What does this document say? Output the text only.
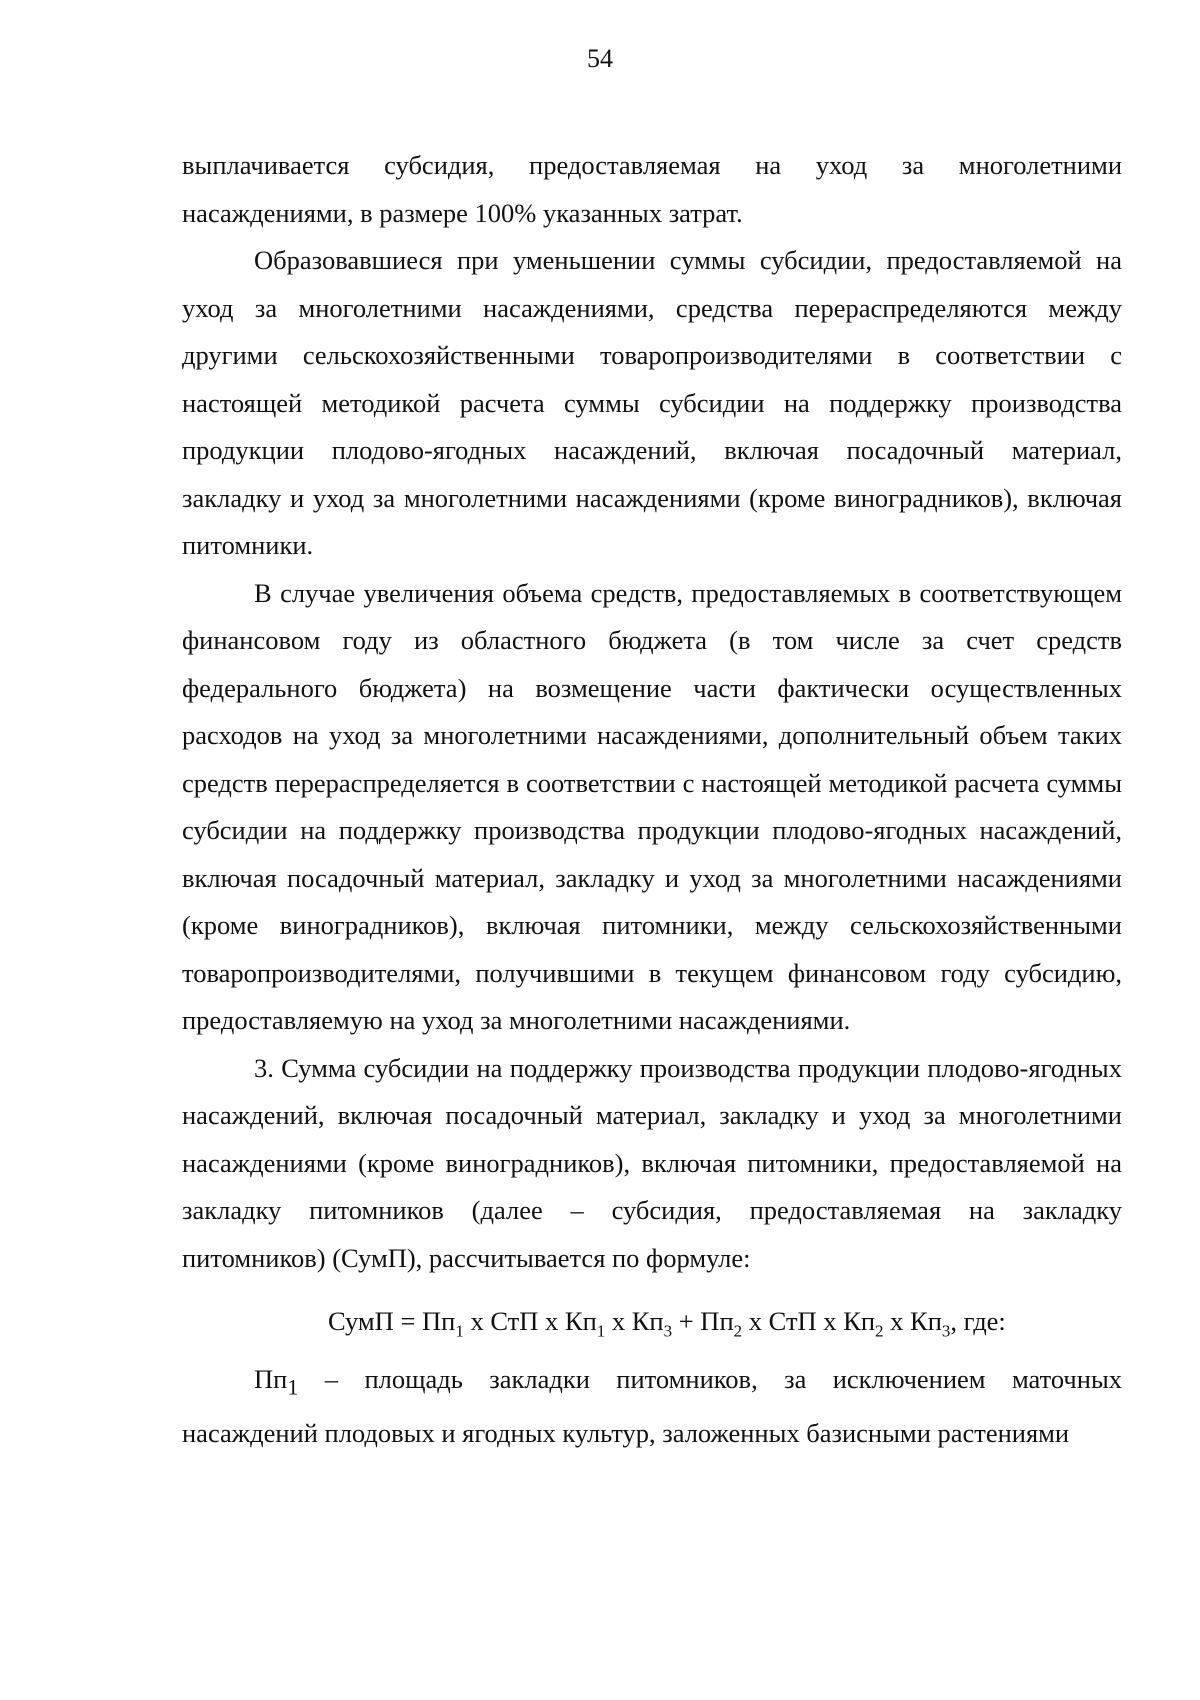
54

выплачивается субсидия, предоставляемая на уход за многолетними насаждениями, в размере 100% указанных затрат.

Образовавшиеся при уменьшении суммы субсидии, предоставляемой на уход за многолетними насаждениями, средства перераспределяются между другими сельскохозяйственными товаропроизводителями в соответствии с настоящей методикой расчета суммы субсидии на поддержку производства продукции плодово-ягодных насаждений, включая посадочный материал, закладку и уход за многолетними насаждениями (кроме виноградников), включая питомники.

В случае увеличения объема средств, предоставляемых в соответствующем финансовом году из областного бюджета (в том числе за счет средств федерального бюджета) на возмещение части фактически осуществленных расходов на уход за многолетними насаждениями, дополнительный объем таких средств перераспределяется в соответствии с настоящей методикой расчета суммы субсидии на поддержку производства продукции плодово-ягодных насаждений, включая посадочный материал, закладку и уход за многолетними насаждениями (кроме виноградников), включая питомники, между сельскохозяйственными товаропроизводителями, получившими в текущем финансовом году субсидию, предоставляемую на уход за многолетними насаждениями.

3. Сумма субсидии на поддержку производства продукции плодово-ягодных насаждений, включая посадочный материал, закладку и уход за многолетними насаждениями (кроме виноградников), включая питомники, предоставляемой на закладку питомников (далее – субсидия, предоставляемая на закладку питомников) (СумП), рассчитывается по формуле:

СумП = $Пп_1$ х СтП х $Кп_1$ х $Кп_3 + Пп_2$ х СтП х $Кп_2$ х $Кп_3$, где:

$Пп_1$ – площадь закладки питомников, за исключением маточных насаждений плодовых и ягодных культур, заложенных базисными растениями
